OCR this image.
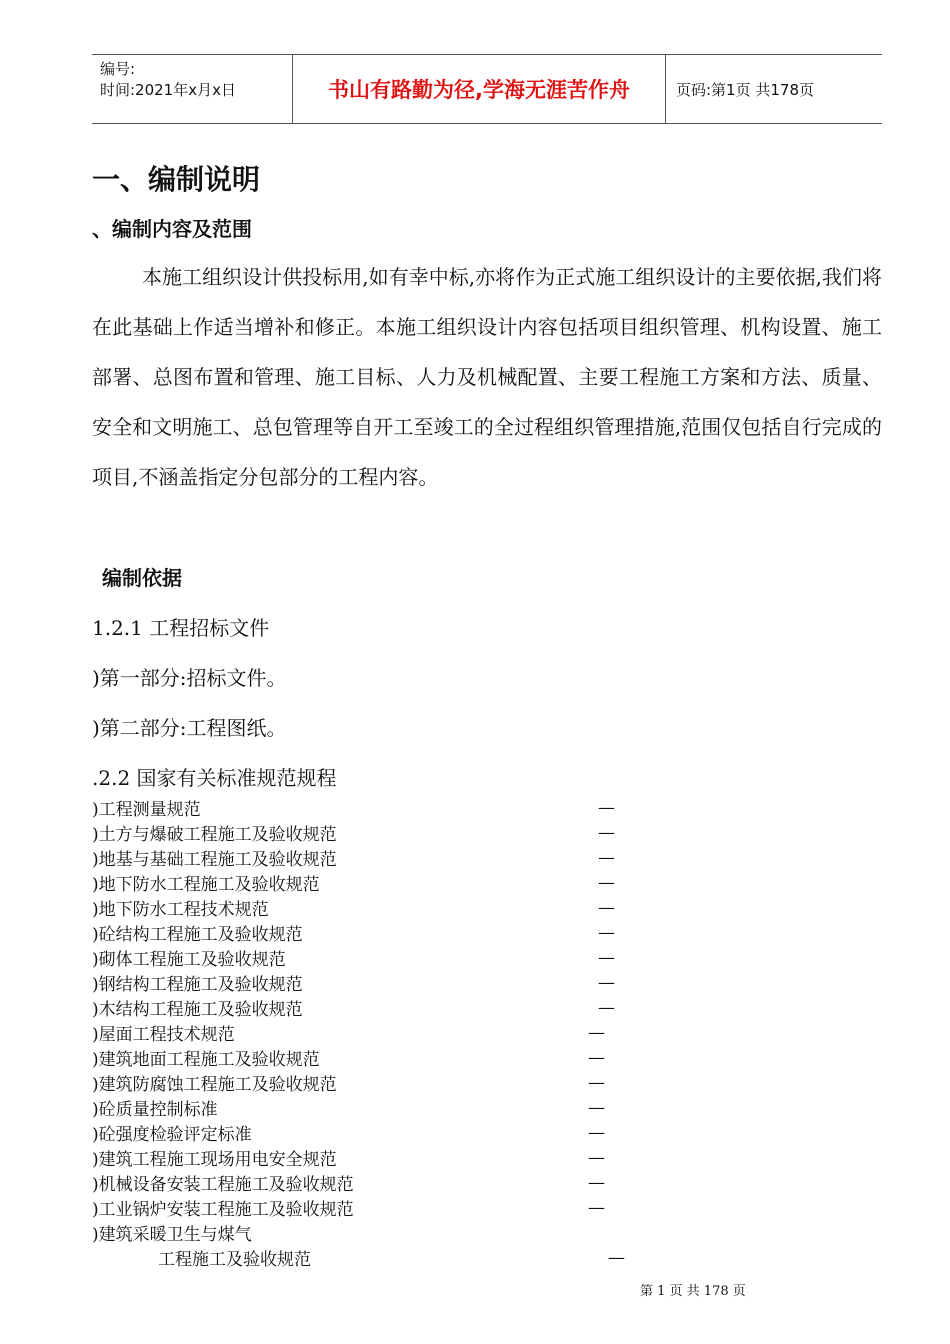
编号:
时间:2021年x月x日	书山有路勤为径,学海无涯苦作舟	页码:第1页 共178页
一、编制说明
、编制内容及范围

本施工组织设计供投标用,如有幸中标,亦将作为正式施工组织设计的主要依据,我们将在此基础上作适当增补和修正。本施工组织设计内容包括项目组织管理、机构设置、施工部署、总图布置和管理、施工目标、人力及机械配置、主要工程施工方案和方法、质量、安全和文明施工、总包管理等自开工至竣工的全过程组织管理措施,范围仅包括自行完成的项目,不涵盖指定分包部分的工程内容。

编制依据
1.2.1 工程招标文件
)第一部分:招标文件。
)第二部分:工程图纸。
.2.2 国家有关标准规范规程
)工程测量规范	—
)土方与爆破工程施工及验收规范	—
)地基与基础工程施工及验收规范	—
)地下防水工程施工及验收规范	—
)地下防水工程技术规范	—
)砼结构工程施工及验收规范	—
)砌体工程施工及验收规范	—
)钢结构工程施工及验收规范	—
)木结构工程施工及验收规范	—
)屋面工程技术规范	—
)建筑地面工程施工及验收规范	—
)建筑防腐蚀工程施工及验收规范	—
)砼质量控制标准	—
)砼强度检验评定标准	—
)建筑工程施工现场用电安全规范	—
)机械设备安装工程施工及验收规范	—
)工业锅炉安装工程施工及验收规范	—
)建筑采暖卫生与煤气
工程施工及验收规范	—
第 1 页 共 178 页
